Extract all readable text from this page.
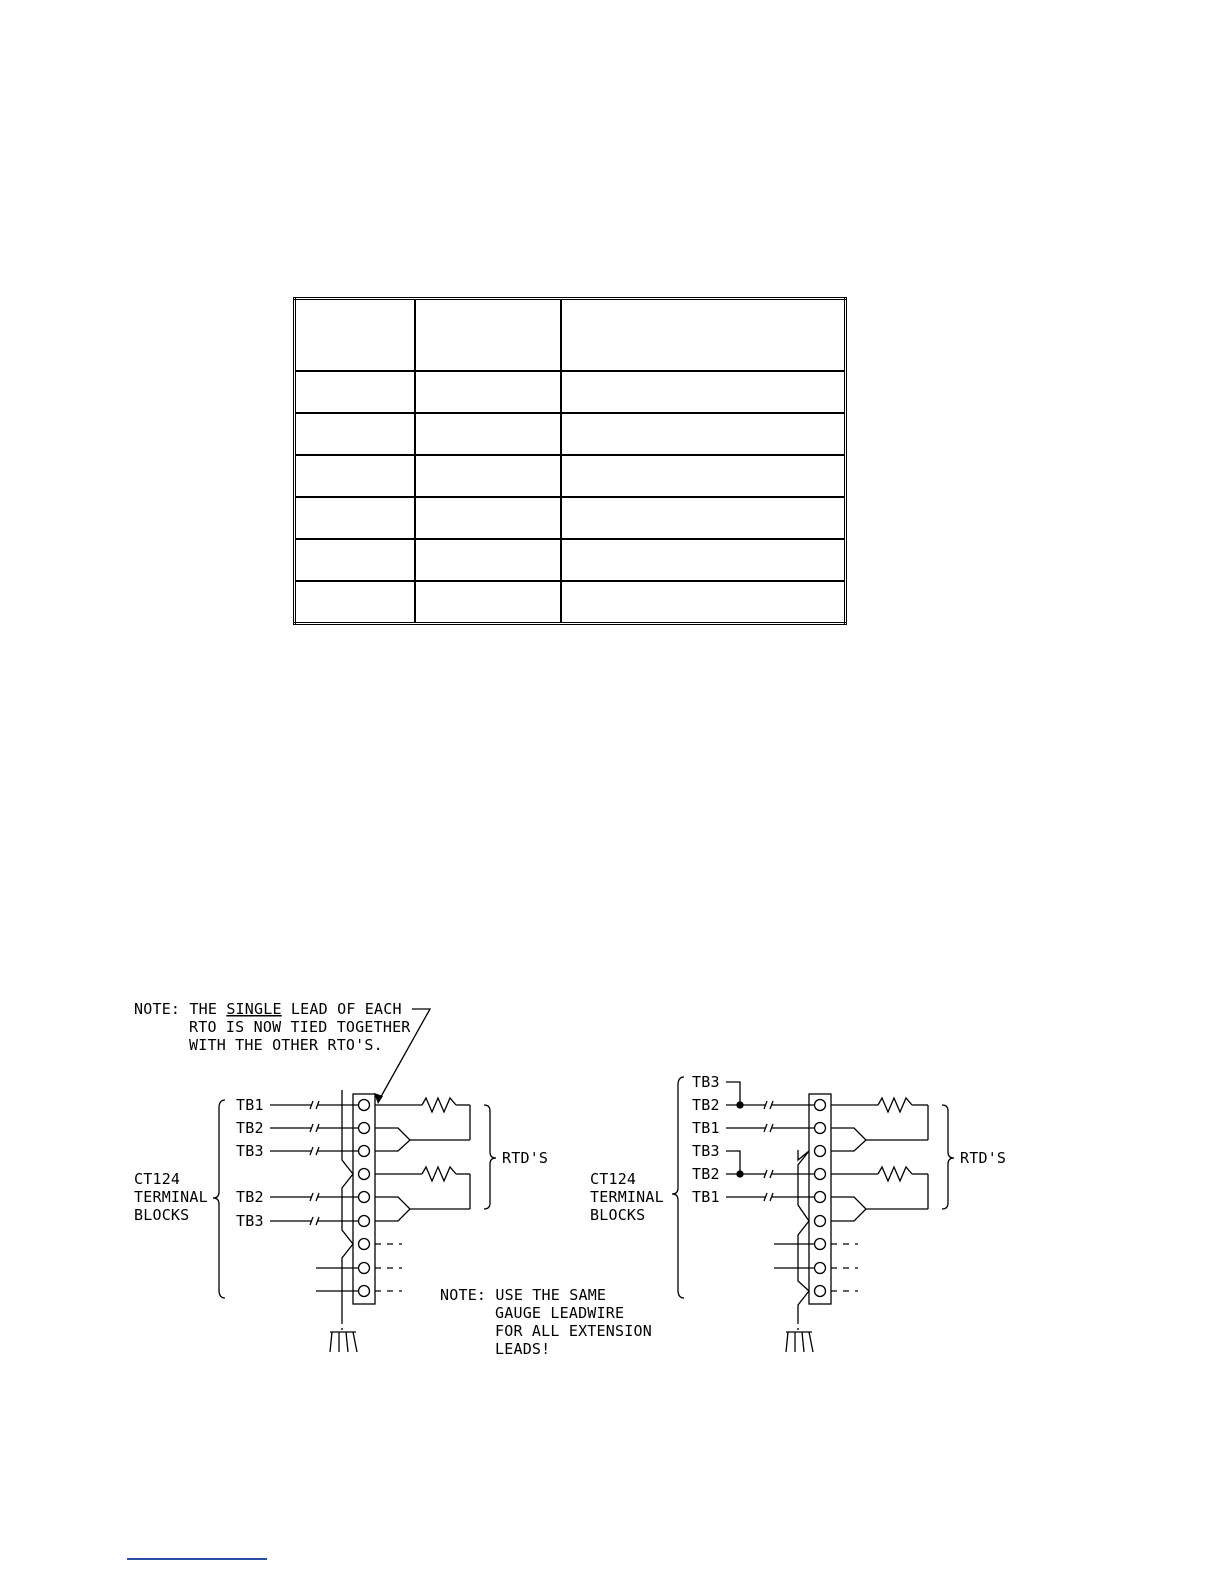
NOTE: THE SINGLE LEAD OF EACH
RTO IS NOW TIED TOGETHER
WITH THE OTHER RTO'S.
CT124
TERMINAL
BLOCKS
TB1
TB2
TB3
TB2
TB3
RTD'S
NOTE: USE THE SAME
GAUGE LEADWIRE
FOR ALL EXTENSION
LEADS!
CT124
TERMINAL
BLOCKS
TB3
TB2
TB1
TB3
TB2
TB1
RTD'S
